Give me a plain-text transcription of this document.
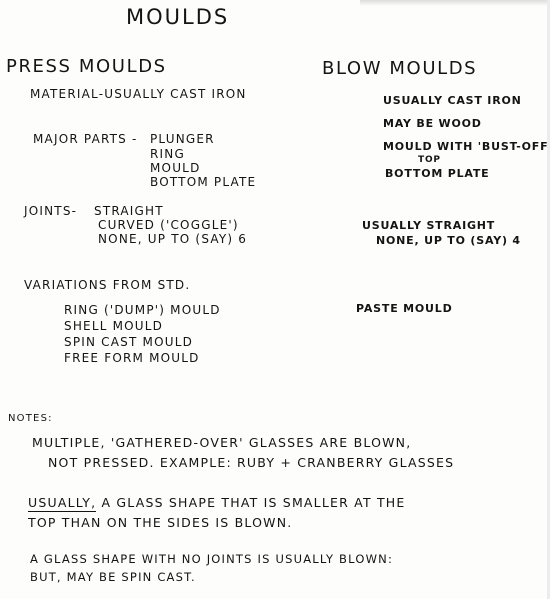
MOULDS
PRESS MOULDS
MATERIAL-USUALLY CAST IRON
MAJOR PARTS - PLUNGER
RING
MOULD
BOTTOM PLATE
JOINTS- STRAIGHT
CURVED ('COGGLE')
NONE, UP TO (SAY) 6
VARIATIONS FROM STD.
RING ('DUMP') MOULD
SHELL MOULD
SPIN CAST MOULD
FREE FORM MOULD
BLOW MOULDS
USUALLY CAST IRON
MAY BE WOOD
MOULD WITH 'BUST-OFF
TOP
BOTTOM PLATE
USUALLY STRAIGHT
NONE, UP TO (SAY) 4
PASTE MOULD
NOTES:
MULTIPLE, 'GATHERED-OVER' GLASSES ARE BLOWN,
NOT PRESSED. EXAMPLE: RUBY + CRANBERRY GLASSES
USUALLY, A GLASS SHAPE THAT IS SMALLER AT THE
TOP THAN ON THE SIDES IS BLOWN.
A GLASS SHAPE WITH NO JOINTS IS USUALLY BLOWN:
BUT, MAY BE SPIN CAST.
